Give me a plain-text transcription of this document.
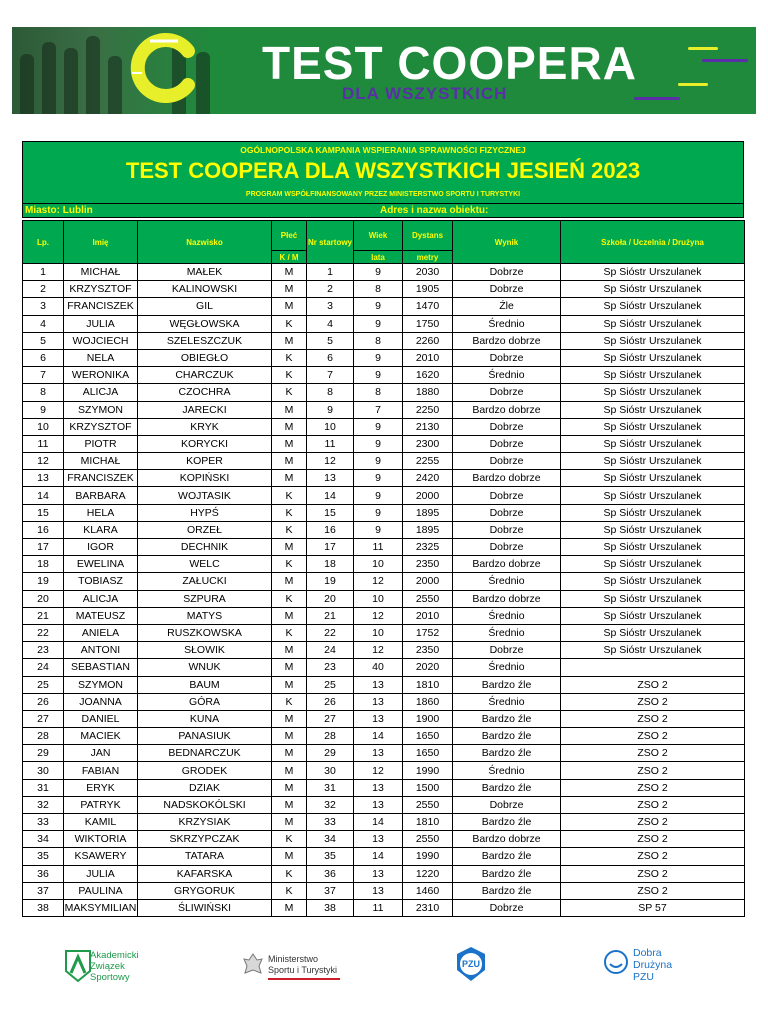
TEST COOPERA
DLA WSZYSTKICH
OGÓLNOPOLSKA KAMPANIA WSPIERANIA SPRAWNOŚCI FIZYCZNEJ
TEST COOPERA DLA WSZYSTKICH JESIEŃ 2023
PROGRAM WSPÓŁFINANSOWANY PRZEZ MINISTERSTWO SPORTU I TURYSTYKI
Miasto: Lublin	Adres i nazwa obiektu:
Lp.	Imię	Nazwisko	Płeć	Nr startowy	Wiek	Dystans	Wynik	Szkoła / Uczelnia / Drużyna
			K / M		lata	metry		
1	MICHAŁ	MAŁEK	M	1	9	2030	Dobrze	Sp Sióstr Urszulanek
2	KRZYSZTOF	KALINOWSKI	M	2	8	1905	Dobrze	Sp Sióstr Urszulanek
3	FRANCISZEK	GIL	M	3	9	1470	Źle	Sp Sióstr Urszulanek
4	JULIA	WĘGŁOWSKA	K	4	9	1750	Średnio	Sp Sióstr Urszulanek
5	WOJCIECH	SZELESZCZUK	M	5	8	2260	Bardzo dobrze	Sp Sióstr Urszulanek
6	NELA	OBIEGŁO	K	6	9	2010	Dobrze	Sp Sióstr Urszulanek
7	WERONIKA	CHARCZUK	K	7	9	1620	Średnio	Sp Sióstr Urszulanek
8	ALICJA	CZOCHRA	K	8	8	1880	Dobrze	Sp Sióstr Urszulanek
9	SZYMON	JARECKI	M	9	7	2250	Bardzo dobrze	Sp Sióstr Urszulanek
10	KRZYSZTOF	KRYK	M	10	9	2130	Dobrze	Sp Sióstr Urszulanek
11	PIOTR	KORYCKI	M	11	9	2300	Dobrze	Sp Sióstr Urszulanek
12	MICHAŁ	KOPER	M	12	9	2255	Dobrze	Sp Sióstr Urszulanek
13	FRANCISZEK	KOPIŃSKI	M	13	9	2420	Bardzo dobrze	Sp Sióstr Urszulanek
14	BARBARA	WOJTASIK	K	14	9	2000	Dobrze	Sp Sióstr Urszulanek
15	HELA	HYPŚ	K	15	9	1895	Dobrze	Sp Sióstr Urszulanek
16	KLARA	ORZEŁ	K	16	9	1895	Dobrze	Sp Sióstr Urszulanek
17	IGOR	DECHNIK	M	17	11	2325	Dobrze	Sp Sióstr Urszulanek
18	EWELINA	WELC	K	18	10	2350	Bardzo dobrze	Sp Sióstr Urszulanek
19	TOBIASZ	ZAŁUCKI	M	19	12	2000	Średnio	Sp Sióstr Urszulanek
20	ALICJA	SZPURA	K	20	10	2550	Bardzo dobrze	Sp Sióstr Urszulanek
21	MATEUSZ	MATYS	M	21	12	2010	Średnio	Sp Sióstr Urszulanek
22	ANIELA	RUSZKOWSKA	K	22	10	1752	Średnio	Sp Sióstr Urszulanek
23	ANTONI	SŁOWIK	M	24	12	2350	Dobrze	Sp Sióstr Urszulanek
24	SEBASTIAN	WNUK	M	23	40	2020	Średnio	
25	SZYMON	BAUM	M	25	13	1810	Bardzo źle	ZSO 2
26	JOANNA	GÓRA	K	26	13	1860	Średnio	ZSO 2
27	DANIEL	KUNA	M	27	13	1900	Bardzo źle	ZSO 2
28	MACIEK	PANASIUK	M	28	14	1650	Bardzo źle	ZSO 2
29	JAN	BEDNARCZUK	M	29	13	1650	Bardzo źle	ZSO 2
30	FABIAN	GRODEK	M	30	12	1990	Średnio	ZSO 2
31	ERYK	DZIAK	M	31	13	1500	Bardzo źle	ZSO 2
32	PATRYK	NADSKOKÓLSKI	M	32	13	2550	Dobrze	ZSO 2
33	KAMIL	KRZYSIAK	M	33	14	1810	Bardzo źle	ZSO 2
34	WIKTORIA	SKRZYPCZAK	K	34	13	2550	Bardzo dobrze	ZSO 2
35	KSAWERY	TATARA	M	35	14	1990	Bardzo źle	ZSO 2
36	JULIA	KAFARSKA	K	36	13	1220	Bardzo źle	ZSO 2
37	PAULINA	GRYGORUK	K	37	13	1460	Bardzo źle	ZSO 2
38	MAKSYMILIAN	ŚLIWIŃSKI	M	38	11	2310	Dobrze	SP 57
Akademicki
Związek
Sportowy
Ministerstwo
Sportu i Turystyki
PZU
Dobra
Drużyna
PZU
